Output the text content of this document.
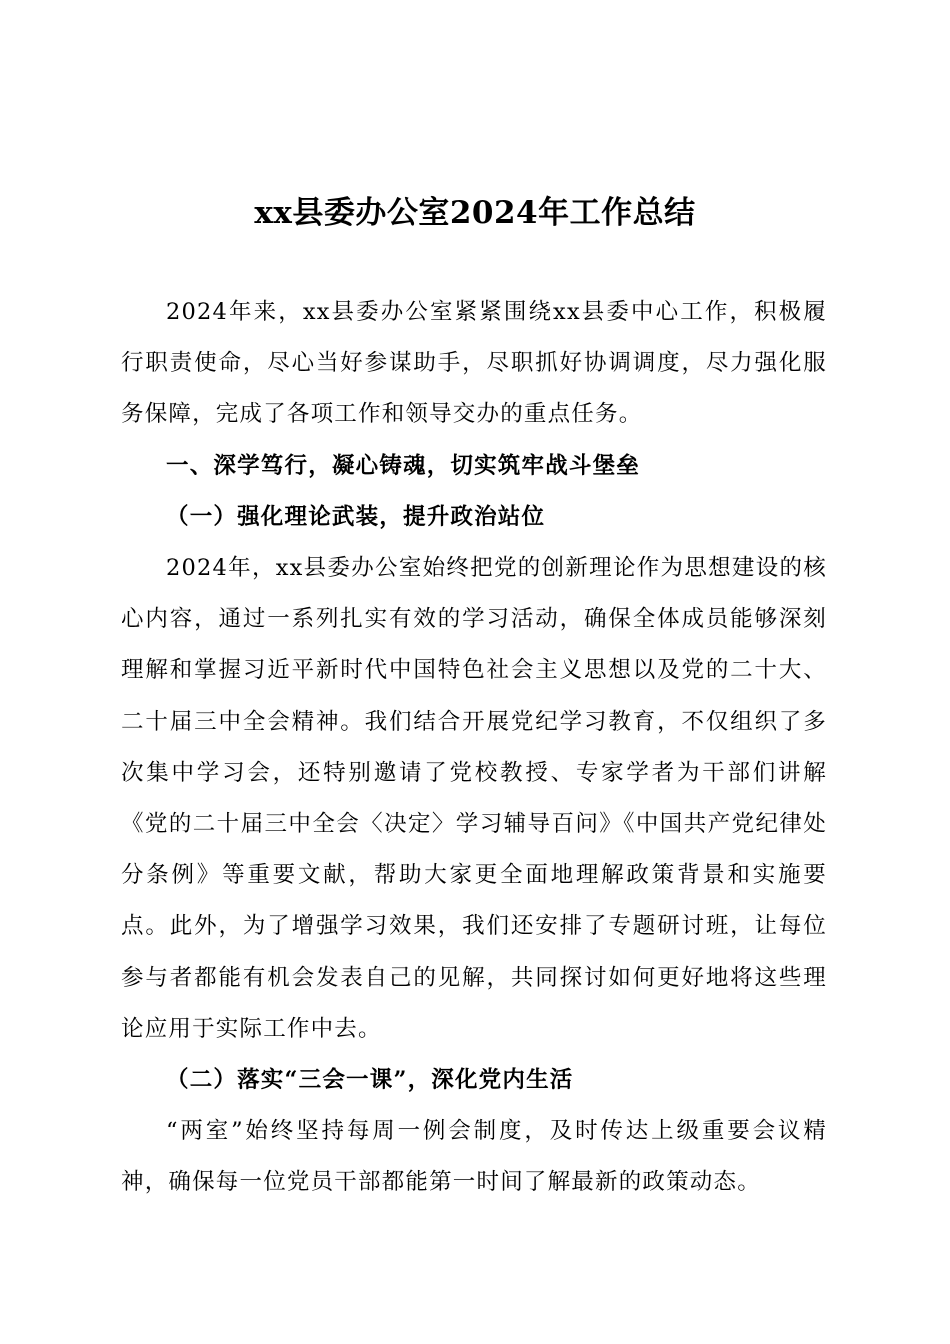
xx县委办公室2024年工作总结

2024年来，xx县委办公室紧紧围绕xx县委中心工作，积极履行职责使命，尽心当好参谋助手，尽职抓好协调调度，尽力强化服务保障，完成了各项工作和领导交办的重点任务。

一、深学笃行，凝心铸魂，切实筑牢战斗堡垒

（一）强化理论武装，提升政治站位

2024年，xx县委办公室始终把党的创新理论作为思想建设的核心内容，通过一系列扎实有效的学习活动，确保全体成员能够深刻理解和掌握习近平新时代中国特色社会主义思想以及党的二十大、二十届三中全会精神。我们结合开展党纪学习教育，不仅组织了多次集中学习会，还特别邀请了党校教授、专家学者为干部们讲解《党的二十届三中全会〈决定〉学习辅导百问》《中国共产党纪律处分条例》等重要文献，帮助大家更全面地理解政策背景和实施要点。此外，为了增强学习效果，我们还安排了专题研讨班，让每位参与者都能有机会发表自己的见解，共同探讨如何更好地将这些理论应用于实际工作中去。

（二）落实“三会一课”，深化党内生活

“两室”始终坚持每周一例会制度，及时传达上级重要会议精神，确保每一位党员干部都能第一时间了解最新的政策动态。
